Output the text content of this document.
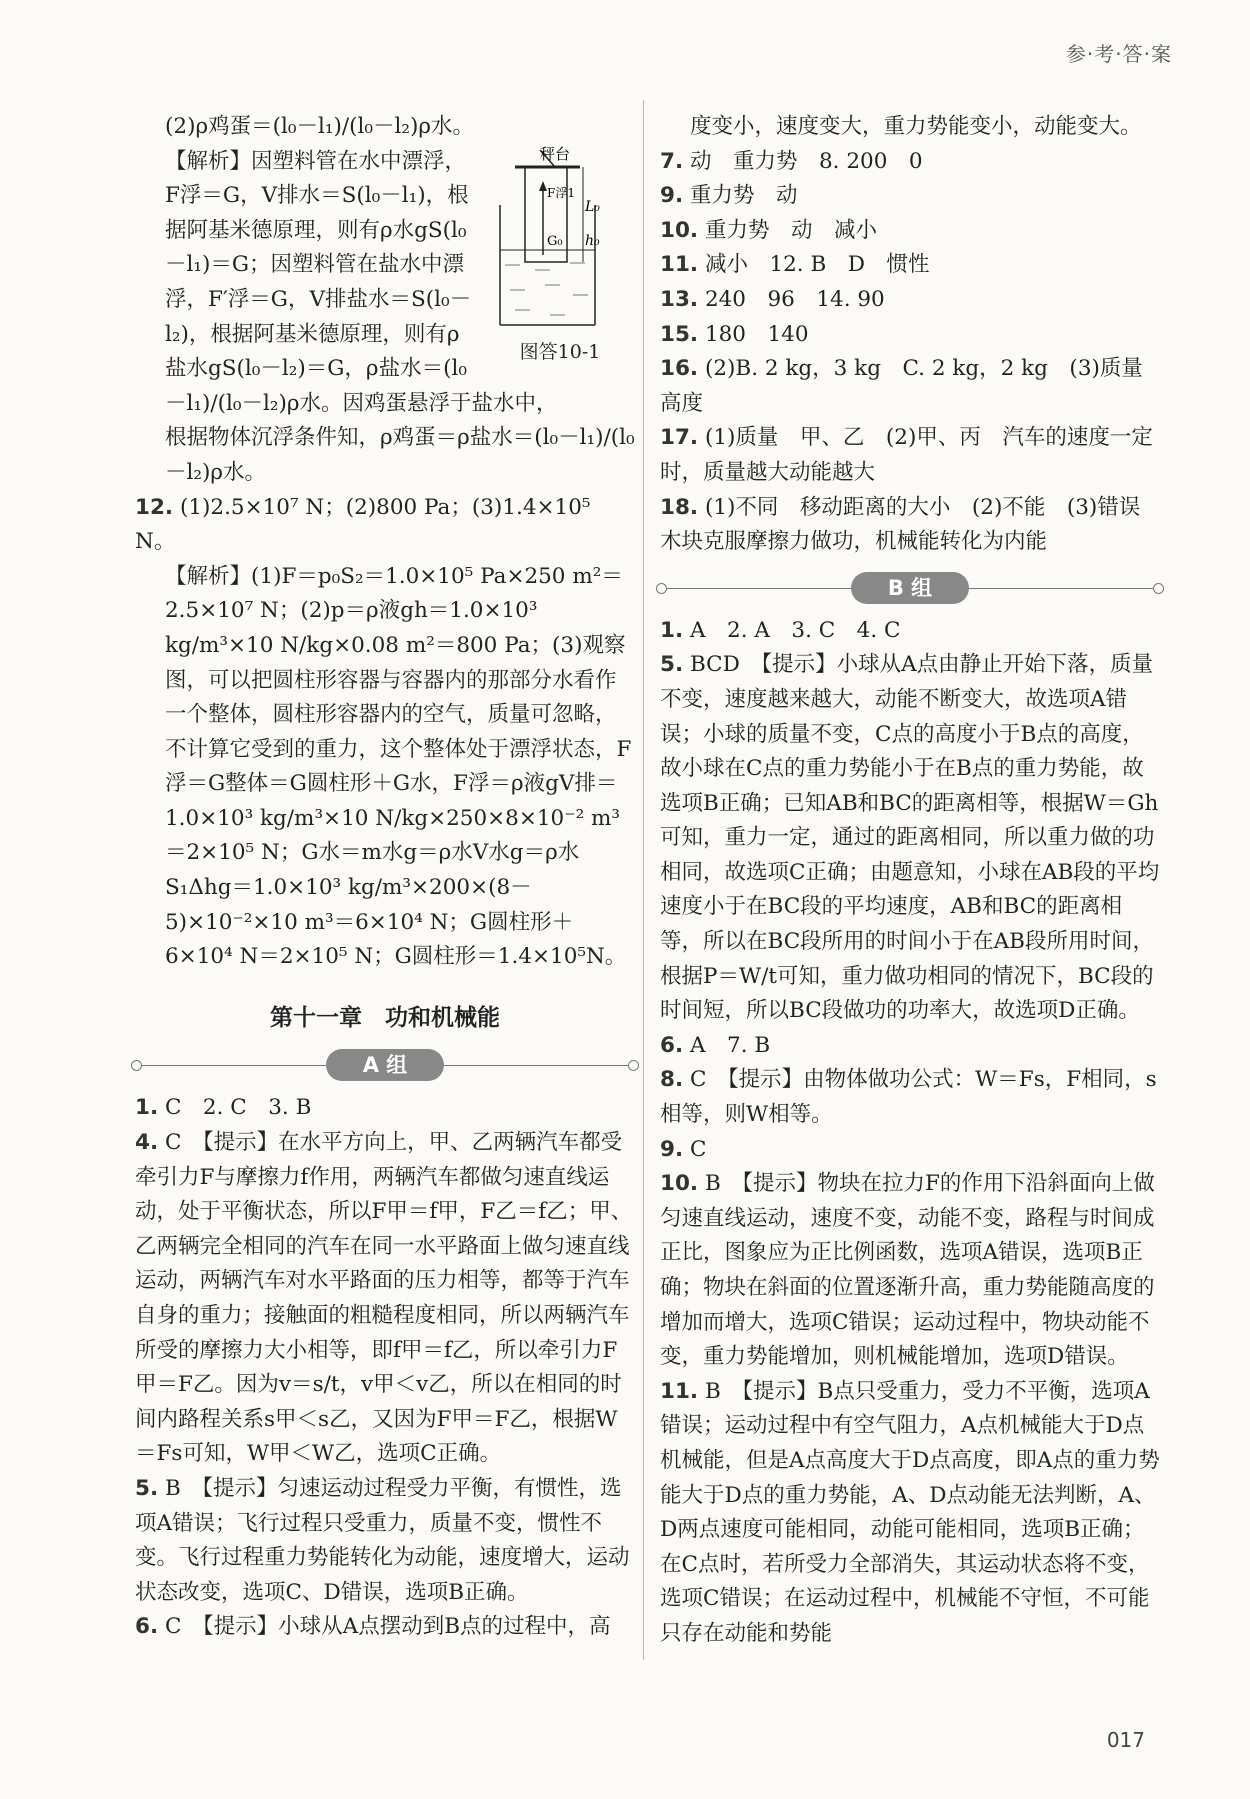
参·考·答·案

(2)ρ鸡蛋＝(l₀－l₁)/(l₀－l₂)ρ水。

L₀
h₀
F浮1
G₀
秤台
图答10-1

【解析】因塑料管在水中漂浮，F浮＝G，V排水＝S(l₀－l₁)，根据阿基米德原理，则有ρ水gS(l₀－l₁)＝G；因塑料管在盐水中漂浮，F′浮＝G，V排盐水＝S(l₀－l₂)，根据阿基米德原理，则有ρ盐水gS(l₀－l₂)＝G，ρ盐水＝(l₀－l₁)/(l₀－l₂)ρ水。因鸡蛋悬浮于盐水中，

根据物体沉浮条件知，ρ鸡蛋＝ρ盐水＝(l₀－l₁)/(l₀－l₂)ρ水。

12. (1)2.5×10⁷ N；(2)800 Pa；(3)1.4×10⁵ N。

【解析】(1)F＝p₀S₂＝1.0×10⁵ Pa×250 m²＝2.5×10⁷ N；(2)p＝ρ液gh＝1.0×10³ kg/m³×10 N/kg×0.08 m²＝800 Pa；(3)观察图，可以把圆柱形容器与容器内的那部分水看作一个整体，圆柱形容器内的空气，质量可忽略，不计算它受到的重力，这个整体处于漂浮状态，F浮＝G整体＝G圆柱形＋G水，F浮＝ρ液gV排＝1.0×10³ kg/m³×10 N/kg×250×8×10⁻² m³＝2×10⁵ N；G水＝m水g＝ρ水V水g＝ρ水S₁Δhg＝1.0×10³ kg/m³×200×(8－5)×10⁻²×10 m³＝6×10⁴ N；G圆柱形＋6×10⁴ N＝2×10⁵ N；G圆柱形＝1.4×10⁵N。

第十一章　功和机械能
A 组

1. C　2. C　3. B

4. C　【提示】在水平方向上，甲、乙两辆汽车都受牵引力F与摩擦力f作用，两辆汽车都做匀速直线运动，处于平衡状态，所以F甲＝f甲，F乙＝f乙；甲、乙两辆完全相同的汽车在同一水平路面上做匀速直线运动，两辆汽车对水平路面的压力相等，都等于汽车自身的重力；接触面的粗糙程度相同，所以两辆汽车所受的摩擦力大小相等，即f甲＝f乙，所以牵引力F甲＝F乙。因为v＝s/t，v甲＜v乙，所以在相同的时间内路程关系s甲＜s乙，又因为F甲＝F乙，根据W＝Fs可知，W甲＜W乙，选项C正确。

5. B　【提示】匀速运动过程受力平衡，有惯性，选项A错误；飞行过程只受重力，质量不变，惯性不变。飞行过程重力势能转化为动能，速度增大，运动状态改变，选项C、D错误，选项B正确。

6. C　【提示】小球从A点摆动到B点的过程中，高

度变小，速度变大，重力势能变小，动能变大。

7. 动　重力势　8. 200　0

9. 重力势　动

10. 重力势　动　减小

11. 减小　12. B　D　惯性

13. 240　96　14. 90

15. 180　140

16. (2)B. 2 kg，3 kg　C. 2 kg，2 kg　(3)质量　高度

17. (1)质量　甲、乙　(2)甲、丙　汽车的速度一定时，质量越大动能越大

18. (1)不同　移动距离的大小　(2)不能　(3)错误　木块克服摩擦力做功，机械能转化为内能

B 组

1. A　2. A　3. C　4. C

5. BCD　【提示】小球从A点由静止开始下落，质量不变，速度越来越大，动能不断变大，故选项A错误；小球的质量不变，C点的高度小于B点的高度，故小球在C点的重力势能小于在B点的重力势能，故选项B正确；已知AB和BC的距离相等，根据W＝Gh可知，重力一定，通过的距离相同，所以重力做的功相同，故选项C正确；由题意知，小球在AB段的平均速度小于在BC段的平均速度，AB和BC的距离相等，所以在BC段所用的时间小于在AB段所用时间，根据P＝W/t可知，重力做功相同的情况下，BC段的时间短，所以BC段做功的功率大，故选项D正确。

6. A　7. B

8. C　【提示】由物体做功公式：W＝Fs，F相同，s相等，则W相等。

9. C

10. B　【提示】物块在拉力F的作用下沿斜面向上做匀速直线运动，速度不变，动能不变，路程与时间成正比，图象应为正比例函数，选项A错误，选项B正确；物块在斜面的位置逐渐升高，重力势能随高度的增加而增大，选项C错误；运动过程中，物块动能不变，重力势能增加，则机械能增加，选项D错误。

11. B　【提示】B点只受重力，受力不平衡，选项A错误；运动过程中有空气阻力，A点机械能大于D点机械能，但是A点高度大于D点高度，即A点的重力势能大于D点的重力势能，A、D点动能无法判断，A、D两点速度可能相同，动能可能相同，选项B正确；在C点时，若所受力全部消失，其运动状态将不变，选项C错误；在运动过程中，机械能不守恒，不可能只存在动能和势能

017
